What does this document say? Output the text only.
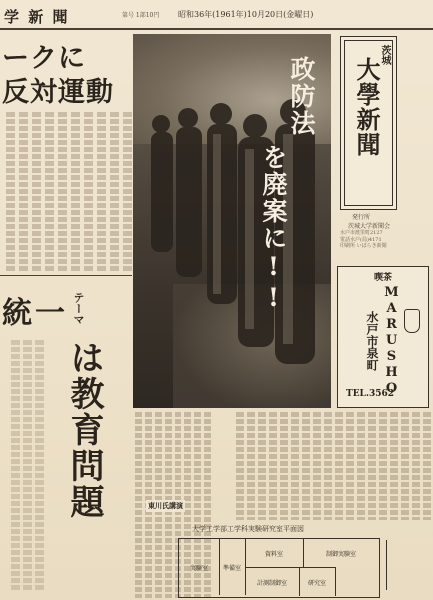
学 新 聞	第号 1部10円 昭和36年(1961年)10月20日(金曜日)
ークに
反対運動
統一 テーマ
は教育問題
政防法
を廃案に!!
茨城
大學新聞
発行所
茨城大学新聞会
水戸市渡里町2127
電話水戸(局)4171
印刷所 いばらき新聞
喫茶
MARUSHO
水戸市泉町
TEL.3562
東川氏講演
大学工学部工学科実験研究室平面図
実験室 準備室
計測制御室	研究室
資料室	制御実験室
